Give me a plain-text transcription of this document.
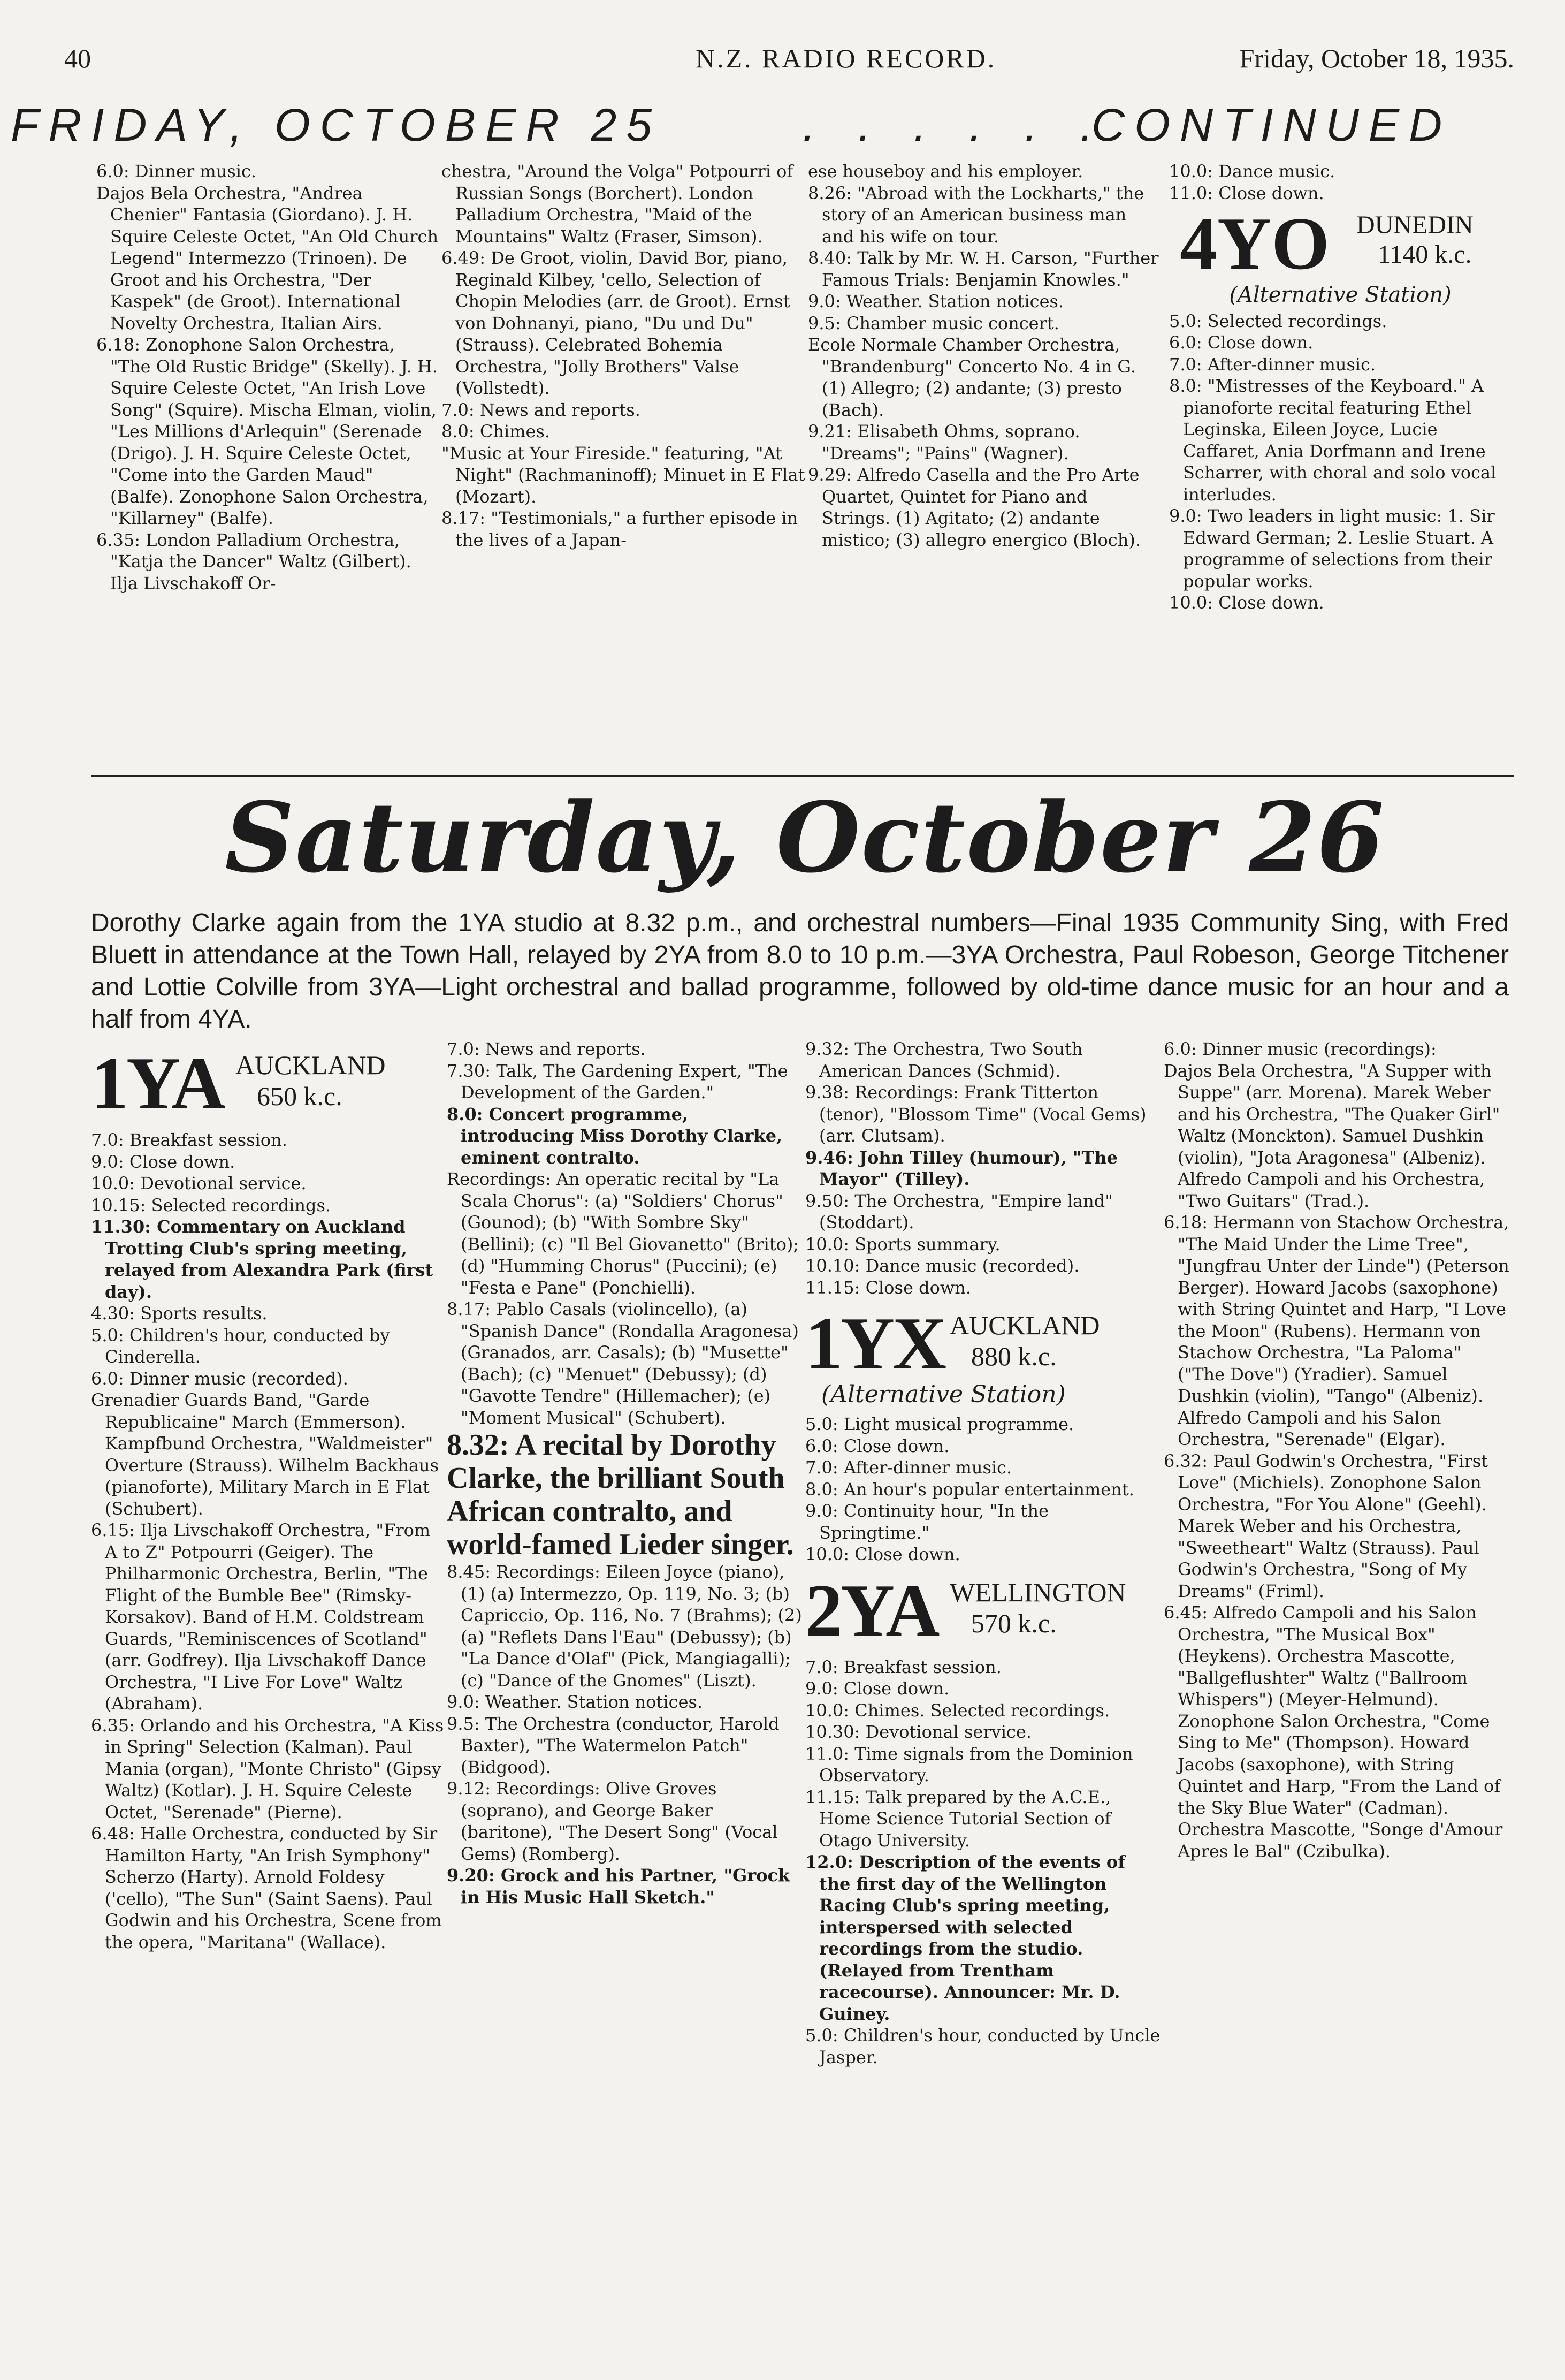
40	N.Z. RADIO RECORD.	Friday, October 18, 1935.
FRIDAY, OCTOBER 25	. . . . . .
CONTINUED

6.0: Dinner music.

Dajos Bela Orchestra, "Andrea Chenier" Fantasia (Giordano). J. H. Squire Celeste Octet, "An Old Church Legend" Intermezzo (Trinoen). De Groot and his Orchestra, "Der Kaspek" (de Groot). International Novelty Orchestra, Italian Airs.

6.18: Zonophone Salon Orchestra, "The Old Rustic Bridge" (Skelly). J. H. Squire Celeste Octet, "An Irish Love Song" (Squire). Mischa Elman, violin, "Les Millions d'Arlequin" (Serenade (Drigo). J. H. Squire Celeste Octet, "Come into the Garden Maud" (Balfe). Zonophone Salon Orchestra, "Killarney" (Balfe).

6.35: London Palladium Orchestra, "Katja the Dancer" Waltz (Gilbert). Ilja Livschakoff Or-

chestra, "Around the Volga" Potpourri of Russian Songs (Borchert). London Palladium Orchestra, "Maid of the Mountains" Waltz (Fraser, Simson).

6.49: De Groot, violin, David Bor, piano, Reginald Kilbey, 'cello, Selection of Chopin Melodies (arr. de Groot). Ernst von Dohnanyi, piano, "Du und Du" (Strauss). Celebrated Bohemia Orchestra, "Jolly Brothers" Valse (Vollstedt).

7.0: News and reports.

8.0: Chimes.

"Music at Your Fireside." featuring, "At Night" (Rachmaninoff); Minuet in E Flat (Mozart).

8.17: "Testimonials," a further episode in the lives of a Japan-

ese houseboy and his employer.

8.26: "Abroad with the Lockharts," the story of an American business man and his wife on tour.

8.40: Talk by Mr. W. H. Carson, "Further Famous Trials: Benjamin Knowles."

9.0: Weather. Station notices.

9.5: Chamber music concert.

Ecole Normale Chamber Orchestra, "Brandenburg" Concerto No. 4 in G. (1) Allegro; (2) andante; (3) presto (Bach).

9.21: Elisabeth Ohms, soprano. "Dreams"; "Pains" (Wagner).

9.29: Alfredo Casella and the Pro Arte Quartet, Quintet for Piano and Strings. (1) Agitato; (2) andante mistico; (3) allegro energico (Bloch).

10.0: Dance music.

11.0: Close down.

4YO DUNEDIN
1140 k.c.

(Alternative Station)

5.0: Selected recordings.

6.0: Close down.

7.0: After-dinner music.

8.0: "Mistresses of the Keyboard." A pianoforte recital featuring Ethel Leginska, Eileen Joyce, Lucie Caffaret, Ania Dorfmann and Irene Scharrer, with choral and solo vocal interludes.

9.0: Two leaders in light music: 1. Sir Edward German; 2. Leslie Stuart. A programme of selections from their popular works.

10.0: Close down.

Saturday, October 26
Dorothy Clarke again from the 1YA studio at 8.32 p.m., and orchestral numbers—Final 1935 Community Sing, with Fred Bluett in attendance at the Town Hall, relayed by 2YA from 8.0 to 10 p.m.—3YA Orchestra, Paul Robeson, George Titchener and Lottie Colville from 3YA—Light orchestral and ballad programme, followed by old-time dance music for an hour and a half from 4YA.
1YA AUCKLAND
650 k.c.

7.0: Breakfast session.

9.0: Close down.

10.0: Devotional service.

10.15: Selected recordings.

11.30: Commentary on Auckland Trotting Club's spring meeting, relayed from Alexandra Park (first day).

4.30: Sports results.

5.0: Children's hour, conducted by Cinderella.

6.0: Dinner music (recorded).

Grenadier Guards Band, "Garde Republicaine" March (Emmerson). Kampfbund Orchestra, "Waldmeister" Overture (Strauss). Wilhelm Backhaus (pianoforte), Military March in E Flat (Schubert).

6.15: Ilja Livschakoff Orchestra, "From A to Z" Potpourri (Geiger). The Philharmonic Orchestra, Berlin, "The Flight of the Bumble Bee" (Rimsky-Korsakov). Band of H.M. Coldstream Guards, "Reminiscences of Scotland" (arr. Godfrey). Ilja Livschakoff Dance Orchestra, "I Live For Love" Waltz (Abraham).

6.35: Orlando and his Orchestra, "A Kiss in Spring" Selection (Kalman). Paul Mania (organ), "Monte Christo" (Gipsy Waltz) (Kotlar). J. H. Squire Celeste Octet, "Serenade" (Pierne).

6.48: Halle Orchestra, conducted by Sir Hamilton Harty, "An Irish Symphony" Scherzo (Harty). Arnold Foldesy ('cello), "The Sun" (Saint Saens). Paul Godwin and his Orchestra, Scene from the opera, "Maritana" (Wallace).

7.0: News and reports.

7.30: Talk, The Gardening Expert, "The Development of the Garden."

8.0: Concert programme, introducing Miss Dorothy Clarke, eminent contralto.

Recordings: An operatic recital by "La Scala Chorus": (a) "Soldiers' Chorus" (Gounod); (b) "With Sombre Sky" (Bellini); (c) "Il Bel Giovanetto" (Brito); (d) "Humming Chorus" (Puccini); (e) "Festa e Pane" (Ponchielli).

8.17: Pablo Casals (violincello), (a) "Spanish Dance" (Rondalla Aragonesa) (Granados, arr. Casals); (b) "Musette" (Bach); (c) "Menuet" (Debussy); (d) "Gavotte Tendre" (Hillemacher); (e) "Moment Musical" (Schubert).

8.32: A recital by Dorothy Clarke, the brilliant South African contralto, and world-famed Lieder singer.

8.45: Recordings: Eileen Joyce (piano), (1) (a) Intermezzo, Op. 119, No. 3; (b) Capriccio, Op. 116, No. 7 (Brahms); (2) (a) "Reflets Dans l'Eau" (Debussy); (b) "La Dance d'Olaf" (Pick, Mangiagalli); (c) "Dance of the Gnomes" (Liszt).

9.0: Weather. Station notices.

9.5: The Orchestra (conductor, Harold Baxter), "The Watermelon Patch" (Bidgood).

9.12: Recordings: Olive Groves (soprano), and George Baker (baritone), "The Desert Song" (Vocal Gems) (Romberg).

9.20: Grock and his Partner, "Grock in His Music Hall Sketch."

9.32: The Orchestra, Two South American Dances (Schmid).

9.38: Recordings: Frank Titterton (tenor), "Blossom Time" (Vocal Gems) (arr. Clutsam).

9.46: John Tilley (humour), "The Mayor" (Tilley).

9.50: The Orchestra, "Empire land" (Stoddart).

10.0: Sports summary.

10.10: Dance music (recorded).

11.15: Close down.

1YX AUCKLAND
880 k.c.
(Alternative Station)

5.0: Light musical programme.

6.0: Close down.

7.0: After-dinner music.

8.0: An hour's popular entertainment.

9.0: Continuity hour, "In the Springtime."

10.0: Close down.

2YA WELLINGTON
570 k.c.

7.0: Breakfast session.

9.0: Close down.

10.0: Chimes. Selected recordings.

10.30: Devotional service.

11.0: Time signals from the Dominion Observatory.

11.15: Talk prepared by the A.C.E., Home Science Tutorial Section of Otago University.

12.0: Description of the events of the first day of the Wellington Racing Club's spring meeting, interspersed with selected recordings from the studio. (Relayed from Trentham racecourse). Announcer: Mr. D. Guiney.

5.0: Children's hour, conducted by Uncle Jasper.

6.0: Dinner music (recordings):

Dajos Bela Orchestra, "A Supper with Suppe" (arr. Morena). Marek Weber and his Orchestra, "The Quaker Girl" Waltz (Monckton). Samuel Dushkin (violin), "Jota Aragonesa" (Albeniz). Alfredo Campoli and his Orchestra, "Two Guitars" (Trad.).

6.18: Hermann von Stachow Orchestra, "The Maid Under the Lime Tree", "Jungfrau Unter der Linde") (Peterson Berger). Howard Jacobs (saxophone) with String Quintet and Harp, "I Love the Moon" (Rubens). Hermann von Stachow Orchestra, "La Paloma" ("The Dove") (Yradier). Samuel Dushkin (violin), "Tango" (Albeniz). Alfredo Campoli and his Salon Orchestra, "Serenade" (Elgar).

6.32: Paul Godwin's Orchestra, "First Love" (Michiels). Zonophone Salon Orchestra, "For You Alone" (Geehl). Marek Weber and his Orchestra, "Sweetheart" Waltz (Strauss). Paul Godwin's Orchestra, "Song of My Dreams" (Friml).

6.45: Alfredo Campoli and his Salon Orchestra, "The Musical Box" (Heykens). Orchestra Mascotte, "Ballgeflushter" Waltz ("Ballroom Whispers") (Meyer-Helmund). Zonophone Salon Orchestra, "Come Sing to Me" (Thompson). Howard Jacobs (saxophone), with String Quintet and Harp, "From the Land of the Sky Blue Water" (Cadman). Orchestra Mascotte, "Songe d'Amour Apres le Bal" (Czibulka).
